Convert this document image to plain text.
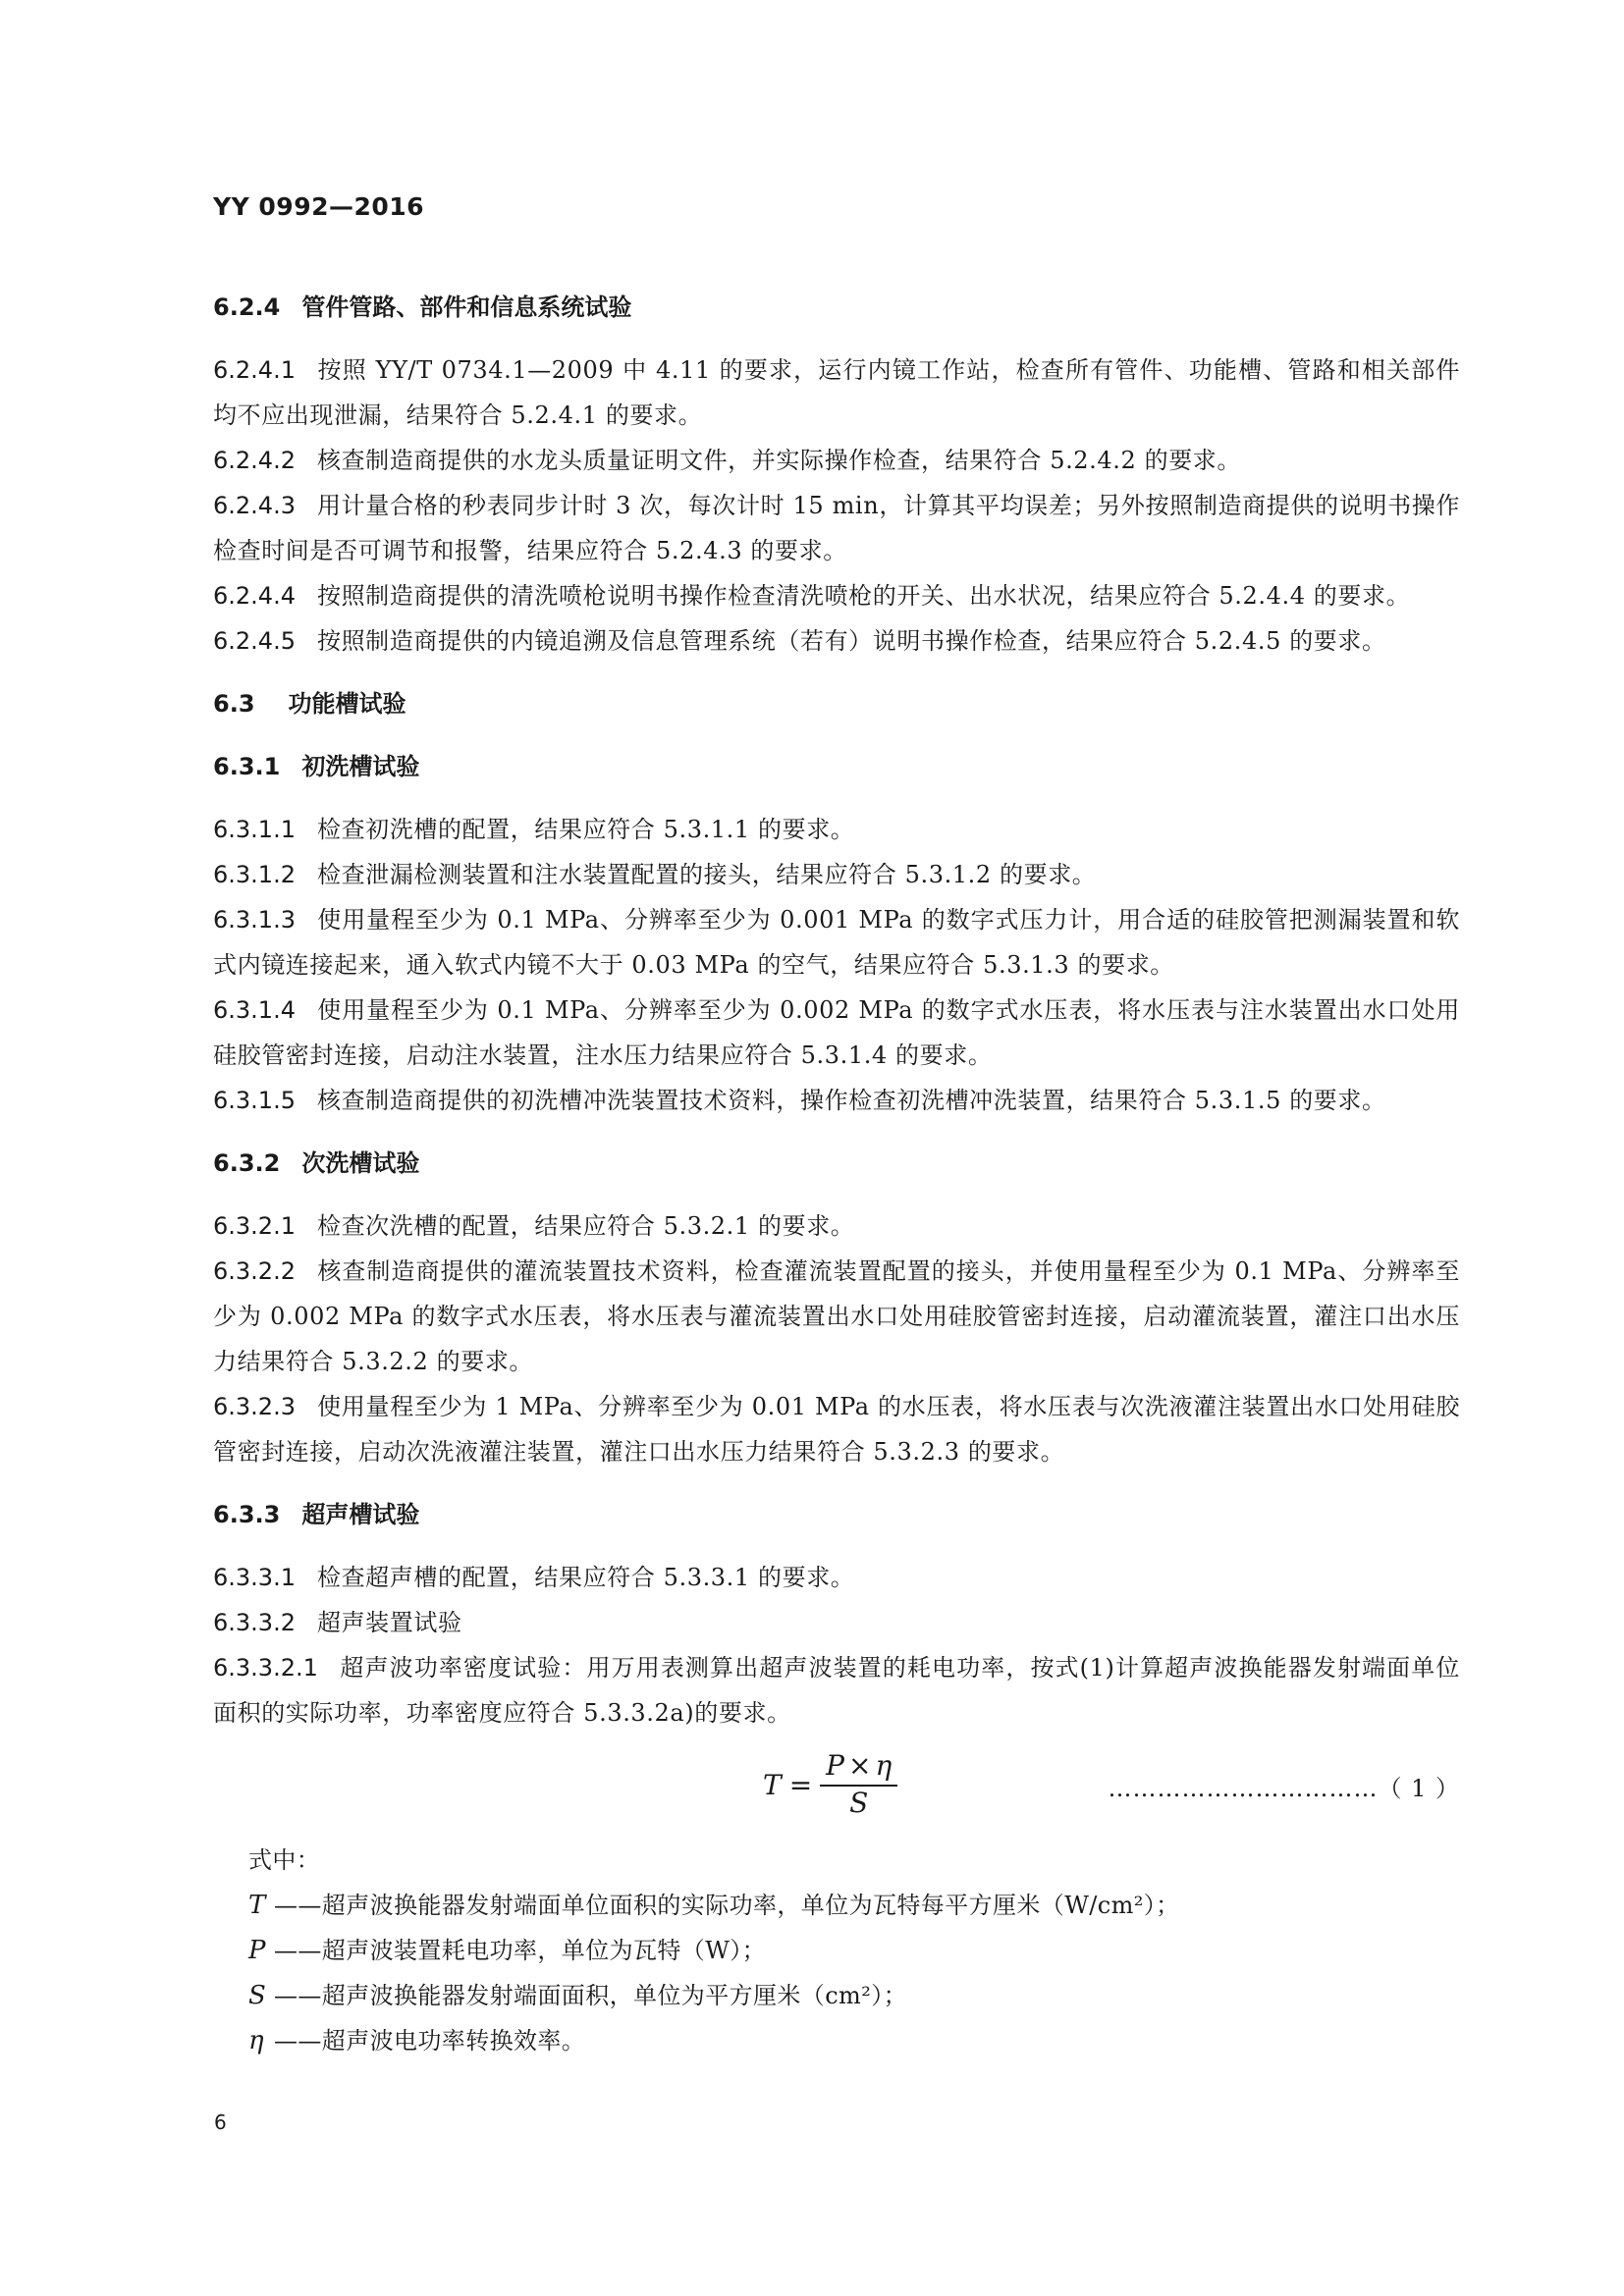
YY 0992—2016
6.2.4 管件管路、部件和信息系统试验

6.2.4.1 按照 YY/T 0734.1—2009 中 4.11 的要求，运行内镜工作站，检查所有管件、功能槽、管路和相关部件均不应出现泄漏，结果符合 5.2.4.1 的要求。

6.2.4.2 核查制造商提供的水龙头质量证明文件，并实际操作检查，结果符合 5.2.4.2 的要求。

6.2.4.3 用计量合格的秒表同步计时 3 次，每次计时 15 min，计算其平均误差；另外按照制造商提供的说明书操作检查时间是否可调节和报警，结果应符合 5.2.4.3 的要求。

6.2.4.4 按照制造商提供的清洗喷枪说明书操作检查清洗喷枪的开关、出水状况，结果应符合 5.2.4.4 的要求。

6.2.4.5 按照制造商提供的内镜追溯及信息管理系统（若有）说明书操作检查，结果应符合 5.2.4.5 的要求。

6.3 功能槽试验
6.3.1 初洗槽试验

6.3.1.1 检查初洗槽的配置，结果应符合 5.3.1.1 的要求。

6.3.1.2 检查泄漏检测装置和注水装置配置的接头，结果应符合 5.3.1.2 的要求。

6.3.1.3 使用量程至少为 0.1 MPa、分辨率至少为 0.001 MPa 的数字式压力计，用合适的硅胶管把测漏装置和软式内镜连接起来，通入软式内镜不大于 0.03 MPa 的空气，结果应符合 5.3.1.3 的要求。

6.3.1.4 使用量程至少为 0.1 MPa、分辨率至少为 0.002 MPa 的数字式水压表，将水压表与注水装置出水口处用硅胶管密封连接，启动注水装置，注水压力结果应符合 5.3.1.4 的要求。

6.3.1.5 核查制造商提供的初洗槽冲洗装置技术资料，操作检查初洗槽冲洗装置，结果符合 5.3.1.5 的要求。

6.3.2 次洗槽试验

6.3.2.1 检查次洗槽的配置，结果应符合 5.3.2.1 的要求。

6.3.2.2 核查制造商提供的灌流装置技术资料，检查灌流装置配置的接头，并使用量程至少为 0.1 MPa、分辨率至少为 0.002 MPa 的数字式水压表，将水压表与灌流装置出水口处用硅胶管密封连接，启动灌流装置，灌注口出水压力结果符合 5.3.2.2 的要求。

6.3.2.3 使用量程至少为 1 MPa、分辨率至少为 0.01 MPa 的水压表，将水压表与次洗液灌注装置出水口处用硅胶管密封连接，启动次洗液灌注装置，灌注口出水压力结果符合 5.3.2.3 的要求。

6.3.3 超声槽试验

6.3.3.1 检查超声槽的配置，结果应符合 5.3.3.1 的要求。

6.3.3.2 超声装置试验

6.3.3.2.1 超声波功率密度试验：用万用表测算出超声波装置的耗电功率，按式(1)计算超声波换能器发射端面单位面积的实际功率，功率密度应符合 5.3.3.2a)的要求。

$T = \frac{P \times \eta}{S}$	……………………………（ 1 ）

式中：

T ——超声波换能器发射端面单位面积的实际功率，单位为瓦特每平方厘米（W/cm²）；

P ——超声波装置耗电功率，单位为瓦特（W）；

S ——超声波换能器发射端面面积，单位为平方厘米（cm²）；

η ——超声波电功率转换效率。

6
